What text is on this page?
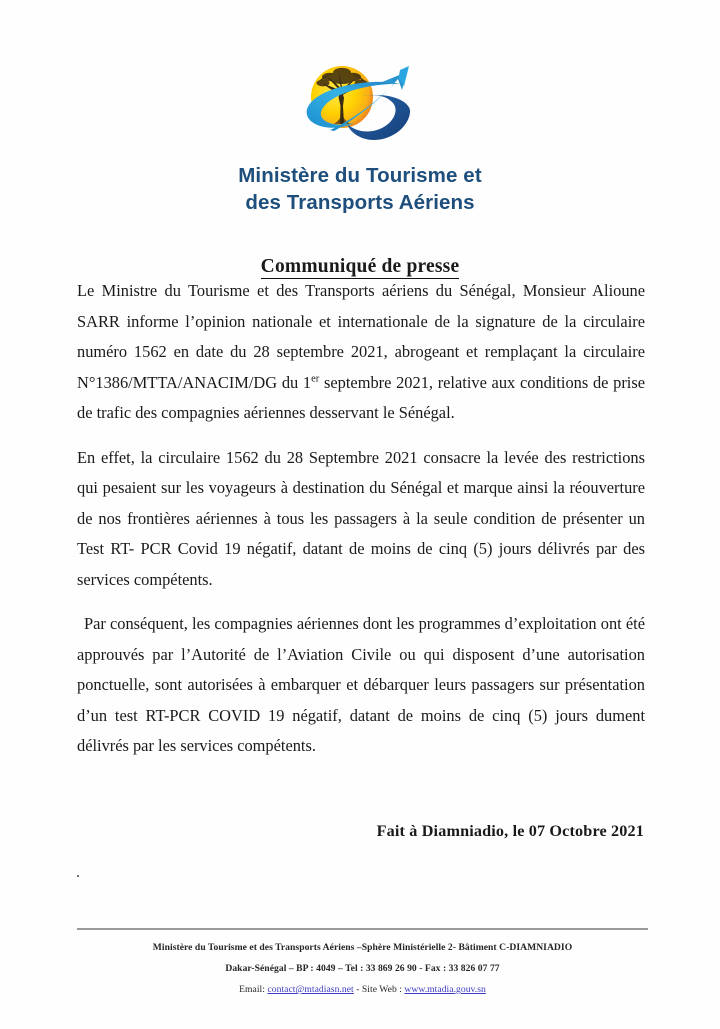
Ministère du Tourisme et
des Transports Aériens
Communiqué de presse

Le Ministre du Tourisme et des Transports aériens du Sénégal, Monsieur Alioune SARR informe l’opinion nationale et internationale de la signature de la circulaire numéro 1562 en date du 28 septembre 2021, abrogeant et remplaçant la circulaire N°1386/MTTA/ANACIM/DG du 1er septembre 2021, relative aux conditions de prise de trafic des compagnies aériennes desservant le Sénégal.

En effet, la circulaire 1562 du 28 Septembre 2021 consacre la levée des restrictions qui pesaient sur les voyageurs à destination du Sénégal et marque ainsi la réouverture de nos frontières aériennes à tous les passagers à la seule condition de présenter un Test RT- PCR Covid 19 négatif, datant de moins de cinq (5) jours délivrés par des services compétents.

Par conséquent, les compagnies aériennes dont les programmes d’exploitation ont été approuvés par l’Autorité de l’Aviation Civile ou qui disposent d’une autorisation ponctuelle, sont autorisées à embarquer et débarquer leurs passagers sur présentation d’un test RT-PCR COVID 19 négatif, datant de moins de cinq (5) jours dument délivrés par les services compétents.

Fait à Diamniadio, le 07 Octobre 2021
.
Ministère du Tourisme et des Transports Aériens –Sphère Ministérielle 2- Bâtiment C-DIAMNIADIO
Dakar-Sénégal – BP : 4049 – Tel : 33 869 26 90 - Fax : 33 826 07 77
Email: contact@mtadiasn.net - Site Web : www.mtadia.gouv.sn
